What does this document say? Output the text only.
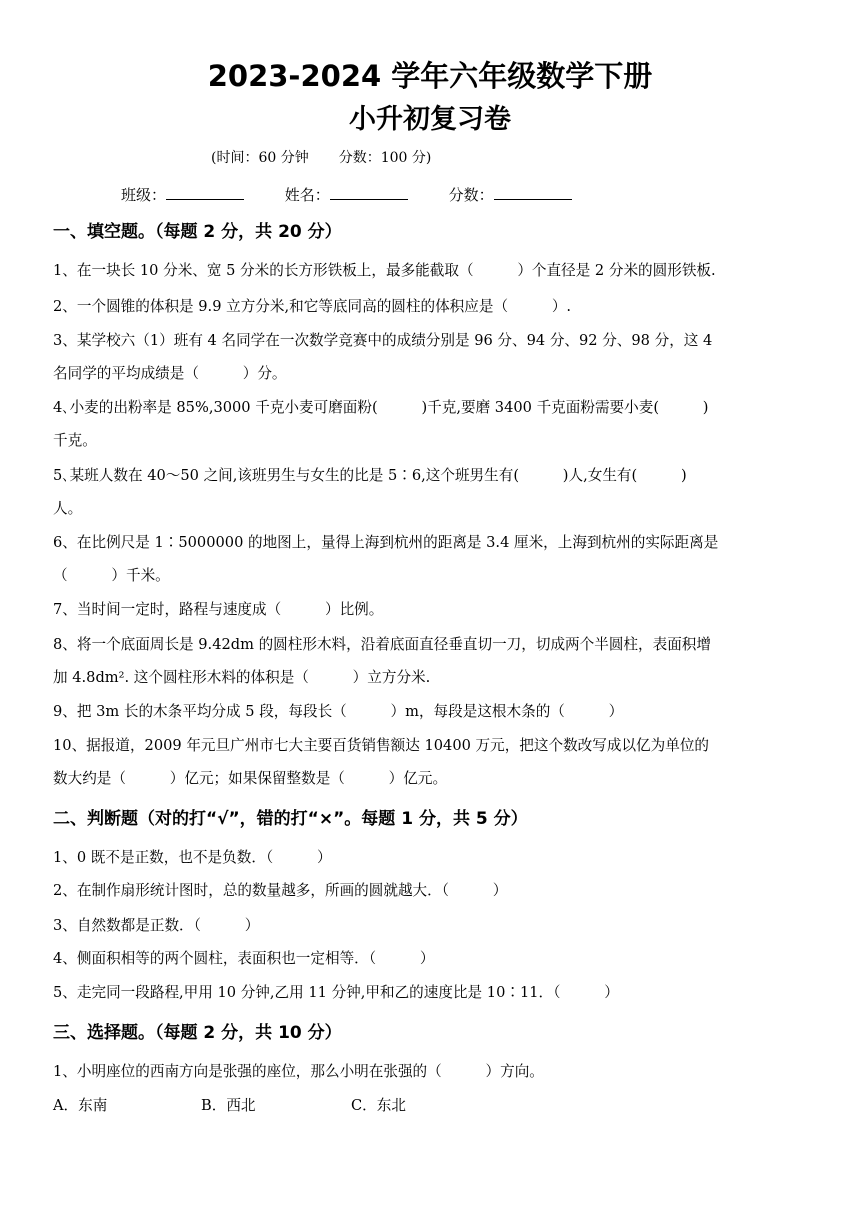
2023-2024 学年六年级数学下册
小升初复习卷
(时间：60 分钟 分数：100 分)
班级：	姓名：	分数：
一、填空题。（每题 2 分，共 20 分）
1、在一块长 10 分米、宽 5 分米的长方形铁板上，最多能截取（　　　）个直径是 2 分米的圆形铁板.
2、一个圆锥的体积是 9.9 立方分米,和它等底同高的圆柱的体积应是（　　　）.
3、某学校六（1）班有 4 名同学在一次数学竞赛中的成绩分别是 96 分、94 分、92 分、98 分，这 4
名同学的平均成绩是（　　　）分。
4､小麦的出粉率是 85%,3000 千克小麦可磨面粉(　　　)千克,要磨 3400 千克面粉需要小麦(　　　)
千克。
5､某班人数在 40～50 之间,该班男生与女生的比是 5∶6,这个班男生有(　　　)人,女生有(　　　)
人。
6、在比例尺是 1∶5000000 的地图上，量得上海到杭州的距离是 3.4 厘米，上海到杭州的实际距离是
（　　　）千米。
7、当时间一定时，路程与速度成（　　　）比例。
8、将一个底面周长是 9.42dm 的圆柱形木料，沿着底面直径垂直切一刀，切成两个半圆柱，表面积增
加 4.8dm². 这个圆柱形木料的体积是（　　　）立方分米.
9、把 3m 长的木条平均分成 5 段，每段长（　　　）m，每段是这根木条的（　　　）
10、据报道，2009 年元旦广州市七大主要百货销售额达 10400 万元，把这个数改写成以亿为单位的
数大约是（　　　）亿元；如果保留整数是（　　　）亿元。
二、判断题（对的打“√”，错的打“×”。每题 1 分，共 5 分）
1、0 既不是正数，也不是负数．（　　　）
2、在制作扇形统计图时，总的数量越多，所画的圆就越大．（　　　）
3、自然数都是正数．（　　　）
4、侧面积相等的两个圆柱，表面积也一定相等．（　　　）
5、走完同一段路程,甲用 10 分钟,乙用 11 分钟,甲和乙的速度比是 10∶11．（　　　）
三、选择题。（每题 2 分，共 10 分）
1、小明座位的西南方向是张强的座位，那么小明在张强的（　　　）方向。
A．东南	B．西北	C．东北
